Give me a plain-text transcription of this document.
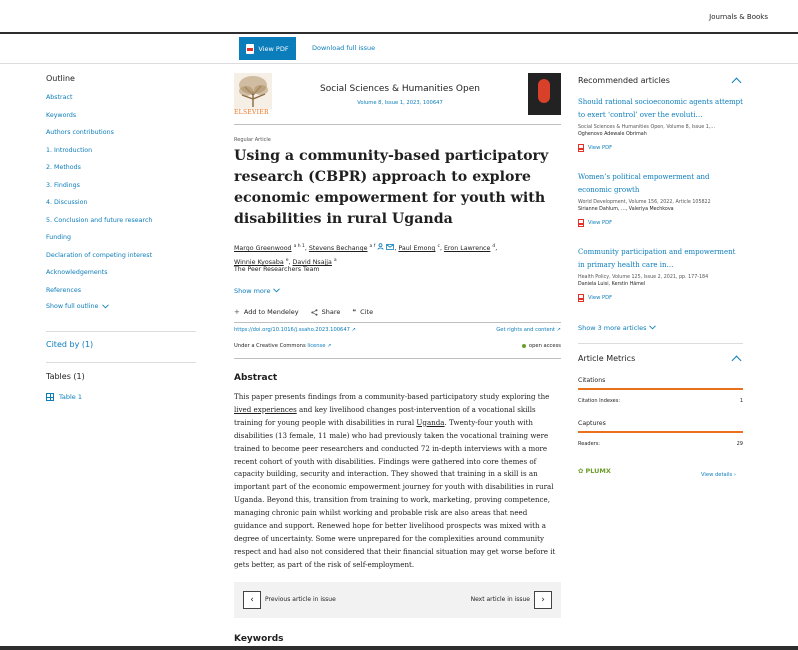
Journals & Books
View PDF	Download full issue
Outline
Abstract
Keywords
Authors contributions
1. Introduction
2. Methods
3. Findings
4. Discussion
5. Conclusion and future research
Funding
Declaration of competing interest
Acknowledgements
References
Show full outline
Cited by (1)
Tables (1)
Table 1
ELSEVIER
Social Sciences & Humanities Open
Volume 8, Issue 1, 2023, 100647
Regular Article
Using a community-based participatory research (CBPR) approach to explore economic empowerment for youth with disabilities in rural Uganda
Margo Greenwood $^{a h 1}$, Stevens Bechange $^{a f}$	, Paul Emong $^c$, Eron Lawrence $^d$,
Winnie Kyosaba $^e$, David Nsajja $^a$
The Peer Researchers Team
Show more
+ Add to Mendeley	Share ❝ Cite
https://doi.org/10.1016/j.ssaho.2023.100647 ↗	Get rights and content ↗
Under a Creative Commons license ↗	open access
Abstract

This paper presents findings from a community-based participatory study exploring the lived experiences and key livelihood changes post-intervention of a vocational skills training for young people with disabilities in rural Uganda. Twenty-four youth with disabilities (13 female, 11 male) who had previously taken the vocational training were trained to become peer researchers and conducted 72 in-depth interviews with a more recent cohort of youth with disabilities. Findings were gathered into core themes of capacity building, security and interaction. They showed that training in a skill is an important part of the economic empowerment journey for youth with disabilities in rural Uganda. Beyond this, transition from training to work, marketing, proving competence, managing chronic pain whilst working and probable risk are also areas that need guidance and support. Renewed hope for better livelihood prospects was mixed with a degree of uncertainty. Some were unprepared for the complexities around community respect and had also not considered that their financial situation may get worse before it gets better, as part of the risk of self-employment.

‹ Previous article in issue	Next article in issue ›
Keywords
Recommended articles
Should rational socioeconomic agents attempt to exert ‘control’ over the evoluti…
Social Sciences & Humanities Open, Volume 8, Issue 1,…
Oghenovo Adewale Obrimah
View PDF
Women’s political empowerment and economic growth
World Development, Volume 156, 2022, Article 105822
Sirianne Dahlum, …, Valeriya Mechkova
View PDF
Community participation and empowerment in primary health care in…
Health Policy, Volume 125, Issue 2, 2021, pp. 177-184
Daniela Luisi, Kerstin Hämel
View PDF
Show 3 more articles
Article Metrics
Citations
Citation Indexes:	1
Captures
Readers:	29
✿ PLUMX	View details ›
